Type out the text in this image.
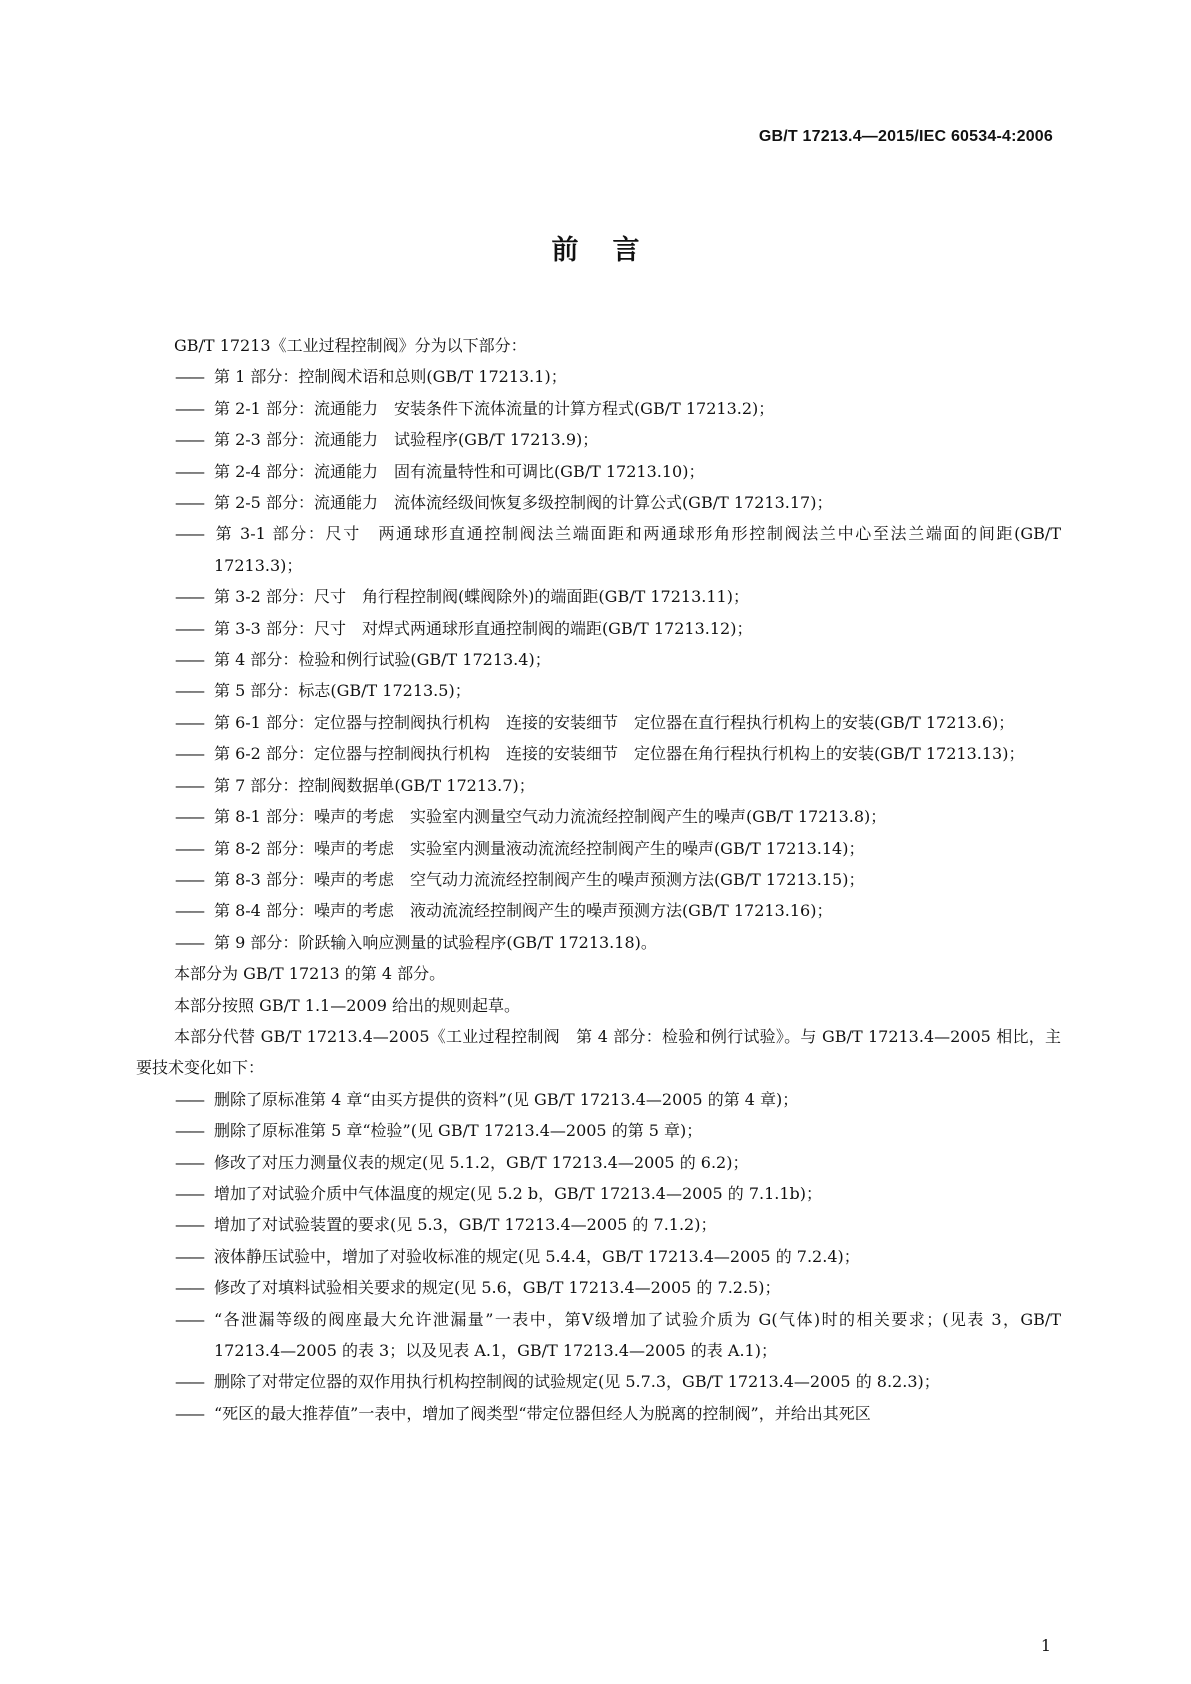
GB/T 17213.4—2015/IEC 60534-4:2006
前言
GB/T 17213《工业过程控制阀》分为以下部分：
—— 第 1 部分：控制阀术语和总则(GB/T 17213.1)；
—— 第 2-1 部分：流通能力　安装条件下流体流量的计算方程式(GB/T 17213.2)；
—— 第 2-3 部分：流通能力　试验程序(GB/T 17213.9)；
—— 第 2-4 部分：流通能力　固有流量特性和可调比(GB/T 17213.10)；
—— 第 2-5 部分：流通能力　流体流经级间恢复多级控制阀的计算公式(GB/T 17213.17)；
—— 第 3-1 部分：尺寸　两通球形直通控制阀法兰端面距和两通球形角形控制阀法兰中心至法兰端面的间距(GB/T 17213.3)；
—— 第 3-2 部分：尺寸　角行程控制阀(蝶阀除外)的端面距(GB/T 17213.11)；
—— 第 3-3 部分：尺寸　对焊式两通球形直通控制阀的端距(GB/T 17213.12)；
—— 第 4 部分：检验和例行试验(GB/T 17213.4)；
—— 第 5 部分：标志(GB/T 17213.5)；
—— 第 6-1 部分：定位器与控制阀执行机构　连接的安装细节　定位器在直行程执行机构上的安装(GB/T 17213.6)；
—— 第 6-2 部分：定位器与控制阀执行机构　连接的安装细节　定位器在角行程执行机构上的安装(GB/T 17213.13)；
—— 第 7 部分：控制阀数据单(GB/T 17213.7)；
—— 第 8-1 部分：噪声的考虑　实验室内测量空气动力流流经控制阀产生的噪声(GB/T 17213.8)；
—— 第 8-2 部分：噪声的考虑　实验室内测量液动流流经控制阀产生的噪声(GB/T 17213.14)；
—— 第 8-3 部分：噪声的考虑　空气动力流流经控制阀产生的噪声预测方法(GB/T 17213.15)；
—— 第 8-4 部分：噪声的考虑　液动流流经控制阀产生的噪声预测方法(GB/T 17213.16)；
—— 第 9 部分：阶跃输入响应测量的试验程序(GB/T 17213.18)。
本部分为 GB/T 17213 的第 4 部分。
本部分按照 GB/T 1.1—2009 给出的规则起草。
本部分代替 GB/T 17213.4—2005《工业过程控制阀　第 4 部分：检验和例行试验》。与 GB/T 17213.4—2005 相比，主要技术变化如下：
—— 删除了原标准第 4 章“由买方提供的资料”(见 GB/T 17213.4—2005 的第 4 章)；
—— 删除了原标准第 5 章“检验”(见 GB/T 17213.4—2005 的第 5 章)；
—— 修改了对压力测量仪表的规定(见 5.1.2，GB/T 17213.4—2005 的 6.2)；
—— 增加了对试验介质中气体温度的规定(见 5.2 b，GB/T 17213.4—2005 的 7.1.1b)；
—— 增加了对试验装置的要求(见 5.3，GB/T 17213.4—2005 的 7.1.2)；
—— 液体静压试验中，增加了对验收标准的规定(见 5.4.4，GB/T 17213.4—2005 的 7.2.4)；
—— 修改了对填料试验相关要求的规定(见 5.6，GB/T 17213.4—2005 的 7.2.5)；
—— “各泄漏等级的阀座最大允许泄漏量”一表中，第Ⅴ级增加了试验介质为 G(气体)时的相关要求；(见表 3，GB/T 17213.4—2005 的表 3；以及见表 A.1，GB/T 17213.4—2005 的表 A.1)；
—— 删除了对带定位器的双作用执行机构控制阀的试验规定(见 5.7.3，GB/T 17213.4—2005 的 8.2.3)；
—— “死区的最大推荐值”一表中，增加了阀类型“带定位器但经人为脱离的控制阀”，并给出其死区
1
